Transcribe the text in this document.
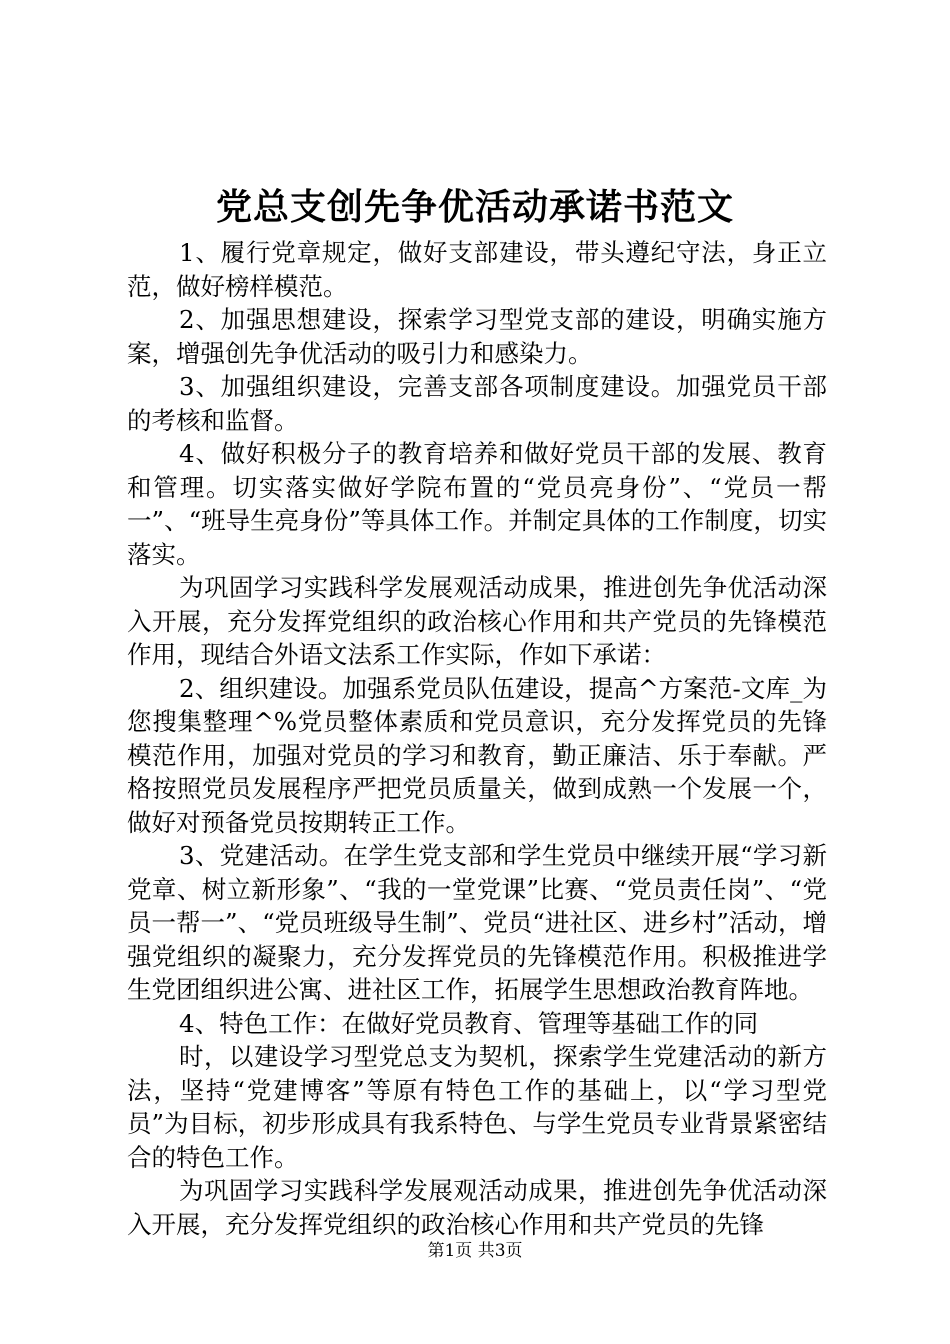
党总支创先争优活动承诺书范文

1、履行党章规定，做好支部建设，带头遵纪守法，身正立范，做好榜样模范。

2、加强思想建设，探索学习型党支部的建设，明确实施方案，增强创先争优活动的吸引力和感染力。

3、加强组织建设，完善支部各项制度建设。加强党员干部的考核和监督。

4、做好积极分子的教育培养和做好党员干部的发展、教育和管理。切实落实做好学院布置的“党员亮身份”、“党员一帮一”、“班导生亮身份”等具体工作。并制定具体的工作制度，切实落实。

为巩固学习实践科学发展观活动成果，推进创先争优活动深入开展，充分发挥党组织的政治核心作用和共产党员的先锋模范作用，现结合外语文法系工作实际，作如下承诺：

2、组织建设。加强系党员队伍建设，提高^方案范-文库_为您搜集整理^%党员整体素质和党员意识，充分发挥党员的先锋模范作用，加强对党员的学习和教育，勤正廉洁、乐于奉献。严格按照党员发展程序严把党员质量关，做到成熟一个发展一个，做好对预备党员按期转正工作。

3、党建活动。在学生党支部和学生党员中继续开展“学习新党章、树立新形象”、“我的一堂党课”比赛、“党员责任岗”、“党员一帮一”、“党员班级导生制”、党员“进社区、进乡村”活动，增强党组织的凝聚力，充分发挥党员的先锋模范作用。积极推进学生党团组织进公寓、进社区工作，拓展学生思想政治教育阵地。

4、特色工作：在做好党员教育、管理等基础工作的同

时，以建设学习型党总支为契机，探索学生党建活动的新方法，坚持“党建博客”等原有特色工作的基础上，以“学习型党员”为目标，初步形成具有我系特色、与学生党员专业背景紧密结合的特色工作。

为巩固学习实践科学发展观活动成果，推进创先争优活动深入开展，充分发挥党组织的政治核心作用和共产党员的先锋

第1页 共3页
